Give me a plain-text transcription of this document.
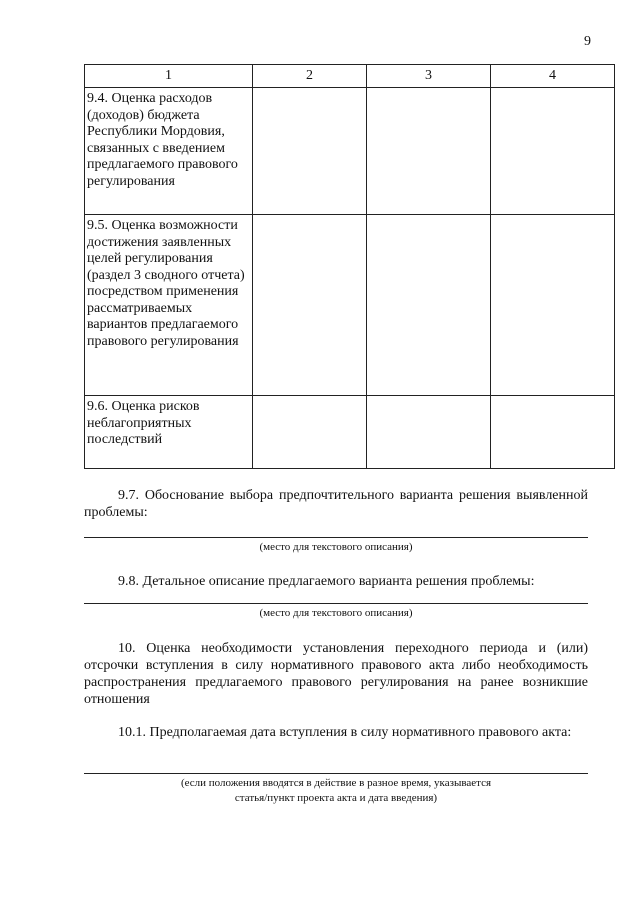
9
1	2	3	4

9.4. Оценка расходов (доходов) бюджета Республики Мордовия, связанных с введением предлагаемого правового регулирования			

9.5. Оценка возможности достижения заявленных целей регулирования (раздел 3 сводного отчета) посредством применения рассматриваемых вариантов предлагаемого правового регулирования			

9.6. Оценка рисков неблагоприятных последствий			

9.7. Обоснование выбора предпочтительного варианта решения выявленной проблемы:
(место для текстового описания)
9.8. Детальное описание предлагаемого варианта решения проблемы:
(место для текстового описания)
10. Оценка необходимости установления переходного периода и (или) отсрочки вступления в силу нормативного правового акта либо необходимость распространения предлагаемого правового регулирования на ранее возникшие отношения
10.1. Предполагаемая дата вступления в силу нормативного правового акта:
(если положения вводятся в действие в разное время, указывается
статья/пункт проекта акта и дата введения)
